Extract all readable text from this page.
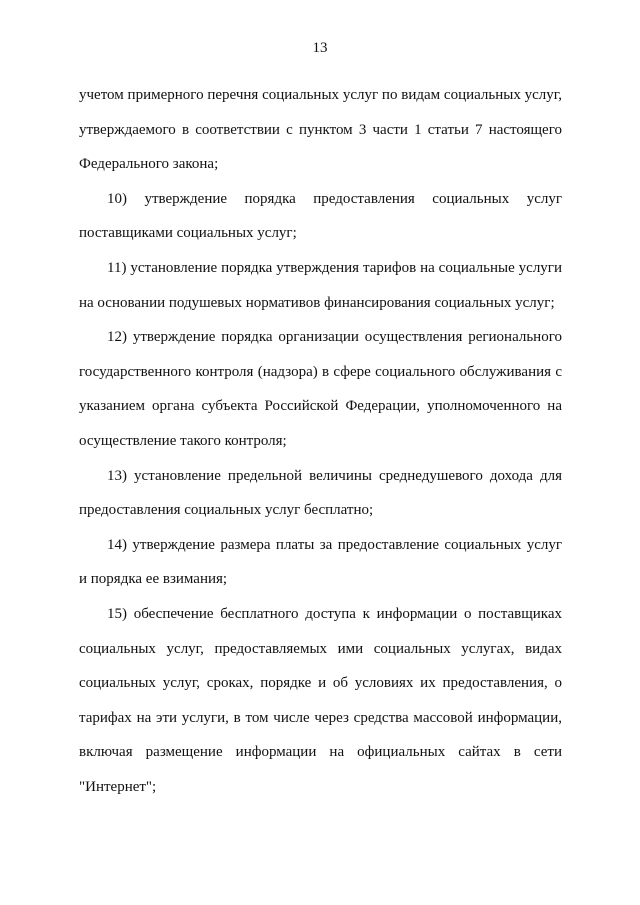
13

учетом примерного перечня социальных услуг по видам социальных услуг, утверждаемого в соответствии с пунктом 3 части 1 статьи 7 настоящего Федерального закона;

10) утверждение порядка предоставления социальных услуг поставщиками социальных услуг;

11) установление порядка утверждения тарифов на социальные услуги на основании подушевых нормативов финансирования социальных услуг;

12) утверждение порядка организации осуществления регионального государственного контроля (надзора) в сфере социального обслуживания с указанием органа субъекта Российской Федерации, уполномоченного на осуществление такого контроля;

13) установление предельной величины среднедушевого дохода для предоставления социальных услуг бесплатно;

14) утверждение размера платы за предоставление социальных услуг и порядка ее взимания;

15) обеспечение бесплатного доступа к информации о поставщиках социальных услуг, предоставляемых ими социальных услугах, видах социальных услуг, сроках, порядке и об условиях их предоставления, о тарифах на эти услуги, в том числе через средства массовой информации, включая размещение информации на официальных сайтах в сети "Интернет";
